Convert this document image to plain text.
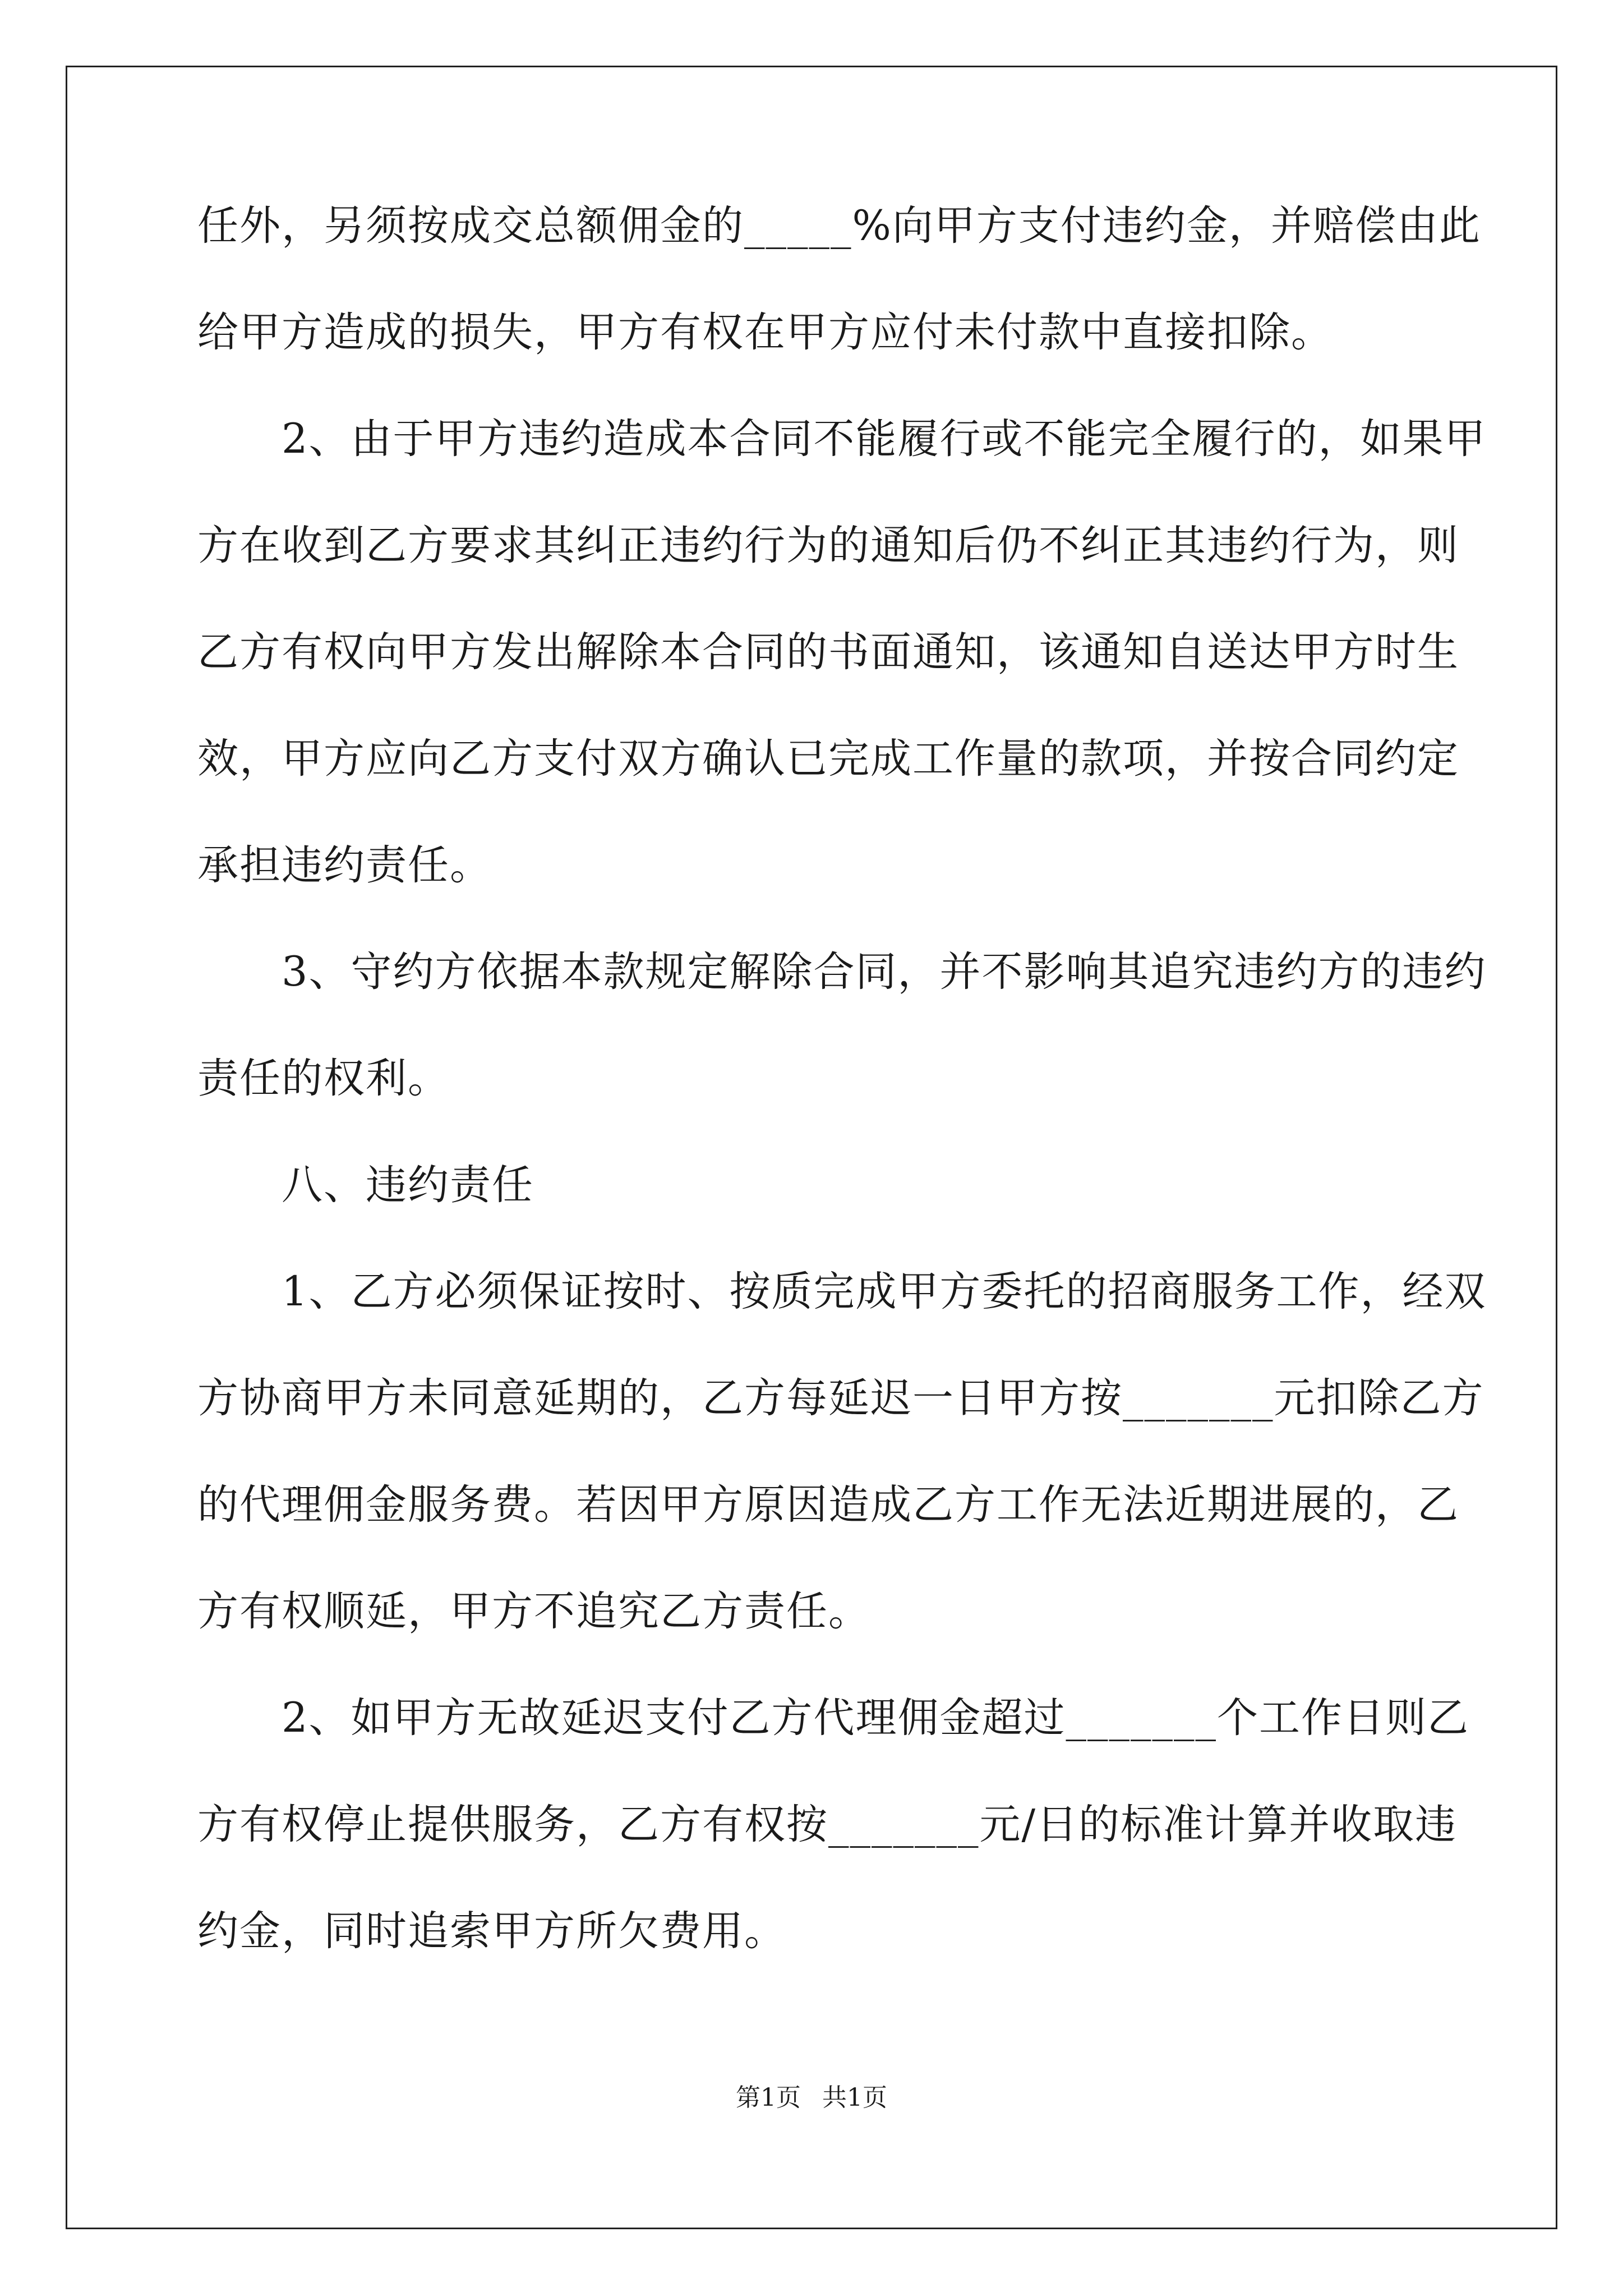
任外，另须按成交总额佣金的_____%向甲方支付违约金，并赔偿由此
给甲方造成的损失，甲方有权在甲方应付未付款中直接扣除。
　　2、由于甲方违约造成本合同不能履行或不能完全履行的，如果甲
方在收到乙方要求其纠正违约行为的通知后仍不纠正其违约行为，则
乙方有权向甲方发出解除本合同的书面通知，该通知自送达甲方时生
效，甲方应向乙方支付双方确认已完成工作量的款项，并按合同约定
承担违约责任。
　　3、守约方依据本款规定解除合同，并不影响其追究违约方的违约
责任的权利。
　　八、违约责任
　　1、乙方必须保证按时、按质完成甲方委托的招商服务工作，经双
方协商甲方未同意延期的，乙方每延迟一日甲方按_______元扣除乙方
的代理佣金服务费。若因甲方原因造成乙方工作无法近期进展的，乙
方有权顺延，甲方不追究乙方责任。
　　2、如甲方无故延迟支付乙方代理佣金超过_______个工作日则乙
方有权停止提供服务，乙方有权按_______元/日的标准计算并收取违
约金，同时追索甲方所欠费用。
第1页 共1页
